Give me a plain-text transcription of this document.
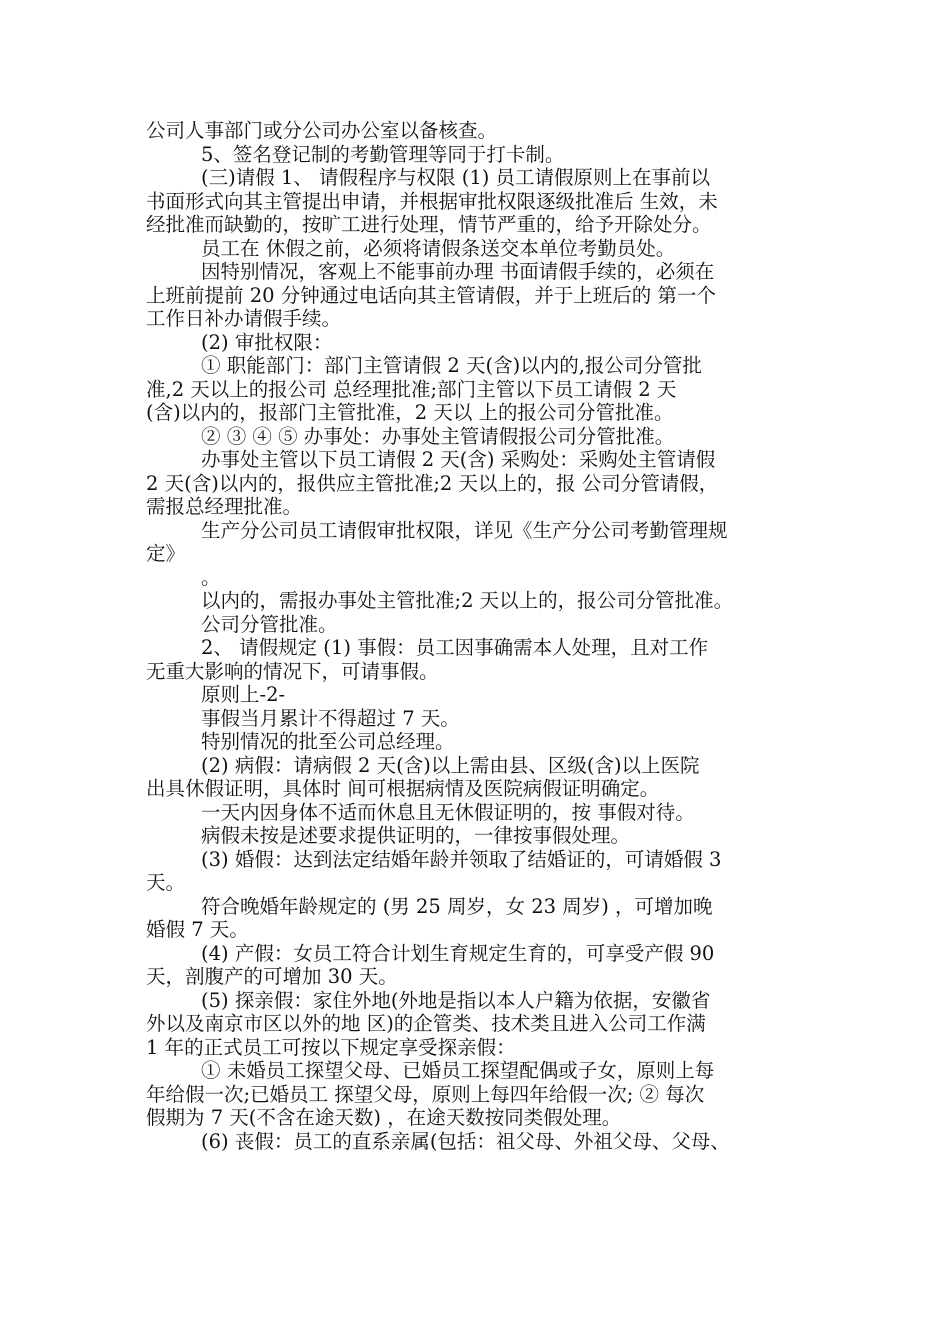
公司人事部门或分公司办公室以备核查。
5、签名登记制的考勤管理等同于打卡制。
(三)请假 1、 请假程序与权限 (1) 员工请假原则上在事前以
书面形式向其主管提出申请，并根据审批权限逐级批准后 生效，未
经批准而缺勤的，按旷工进行处理，情节严重的，给予开除处分。
员工在 休假之前，必须将请假条送交本单位考勤员处。
因特别情况，客观上不能事前办理 书面请假手续的，必须在
上班前提前 20 分钟通过电话向其主管请假，并于上班后的 第一个
工作日补办请假手续。
(2) 审批权限：
① 职能部门：部门主管请假 2 天(含)以内的,报公司分管批
准,2 天以上的报公司 总经理批准;部门主管以下员工请假 2 天
(含)以内的，报部门主管批准，2 天以 上的报公司分管批准。
② ③ ④ ⑤ 办事处：办事处主管请假报公司分管批准。
办事处主管以下员工请假 2 天(含) 采购处：采购处主管请假
2 天(含)以内的，报供应主管批准;2 天以上的，报 公司分管请假，
需报总经理批准。
生产分公司员工请假审批权限，详见《生产分公司考勤管理规
定》
。
以内的，需报办事处主管批准;2 天以上的，报公司分管批准。
公司分管批准。
2、 请假规定 (1) 事假：员工因事确需本人处理，且对工作
无重大影响的情况下，可请事假。
原则上-2-
事假当月累计不得超过 7 天。
特别情况的批至公司总经理。
(2) 病假：请病假 2 天(含)以上需由县、区级(含)以上医院
出具休假证明，具体时 间可根据病情及医院病假证明确定。
一天内因身体不适而休息且无休假证明的，按 事假对待。
病假未按是述要求提供证明的，一律按事假处理。
(3) 婚假：达到法定结婚年龄并领取了结婚证的，可请婚假 3
天。
符合晚婚年龄规定的 (男 25 周岁，女 23 周岁) ，可增加晚
婚假 7 天。
(4) 产假：女员工符合计划生育规定生育的，可享受产假 90
天，剖腹产的可增加 30 天。
(5) 探亲假：家住外地(外地是指以本人户籍为依据，安徽省
外以及南京市区以外的地 区)的企管类、技术类且进入公司工作满
1 年的正式员工可按以下规定享受探亲假：
① 未婚员工探望父母、已婚员工探望配偶或子女，原则上每
年给假一次;已婚员工 探望父母，原则上每四年给假一次; ② 每次
假期为 7 天(不含在途天数) ，在途天数按同类假处理。
(6) 丧假：员工的直系亲属(包括：祖父母、外祖父母、父母、
